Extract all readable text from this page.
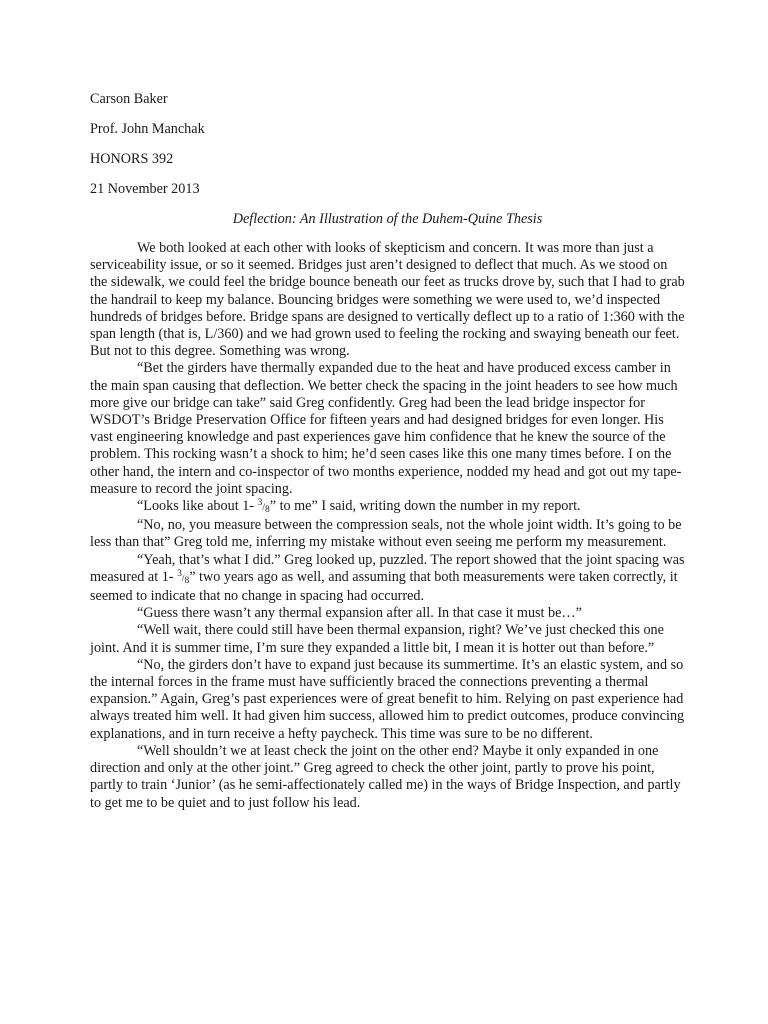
Carson Baker
Prof. John Manchak
HONORS 392
21 November 2013
Deflection: An Illustration of the Duhem-Quine Thesis

We both looked at each other with looks of skepticism and concern. It was more than just a serviceability issue, or so it seemed. Bridges just aren’t designed to deflect that much. As we stood on the sidewalk, we could feel the bridge bounce beneath our feet as trucks drove by, such that I had to grab the handrail to keep my balance. Bouncing bridges were something we were used to, we’d inspected hundreds of bridges before. Bridge spans are designed to vertically deflect up to a ratio of 1:360 with the span length (that is, L/360) and we had grown used to feeling the rocking and swaying beneath our feet. But not to this degree. Something was wrong.

“Bet the girders have thermally expanded due to the heat and have produced excess camber in the main span causing that deflection. We better check the spacing in the joint headers to see how much more give our bridge can take” said Greg confidently. Greg had been the lead bridge inspector for WSDOT’s Bridge Preservation Office for fifteen years and had designed bridges for even longer. His vast engineering knowledge and past experiences gave him confidence that he knew the source of the problem. This rocking wasn’t a shock to him; he’d seen cases like this one many times before. I on the other hand, the intern and co-inspector of two months experience, nodded my head and got out my tape-measure to record the joint spacing.

“Looks like about 1- 3/8” to me” I said, writing down the number in my report.

“No, no, you measure between the compression seals, not the whole joint width. It’s going to be less than that” Greg told me, inferring my mistake without even seeing me perform my measurement.

“Yeah, that’s what I did.” Greg looked up, puzzled. The report showed that the joint spacing was measured at 1- 3/8” two years ago as well, and assuming that both measurements were taken correctly, it seemed to indicate that no change in spacing had occurred.

“Guess there wasn’t any thermal expansion after all. In that case it must be…”

“Well wait, there could still have been thermal expansion, right? We’ve just checked this one joint. And it is summer time, I’m sure they expanded a little bit, I mean it is hotter out than before.”

“No, the girders don’t have to expand just because its summertime. It’s an elastic system, and so the internal forces in the frame must have sufficiently braced the connections preventing a thermal expansion.” Again, Greg’s past experiences were of great benefit to him. Relying on past experience had always treated him well. It had given him success, allowed him to predict outcomes, produce convincing explanations, and in turn receive a hefty paycheck. This time was sure to be no different.

“Well shouldn’t we at least check the joint on the other end? Maybe it only expanded in one direction and only at the other joint.” Greg agreed to check the other joint, partly to prove his point, partly to train ‘Junior’ (as he semi-affectionately called me) in the ways of Bridge Inspection, and partly to get me to be quiet and to just follow his lead.
